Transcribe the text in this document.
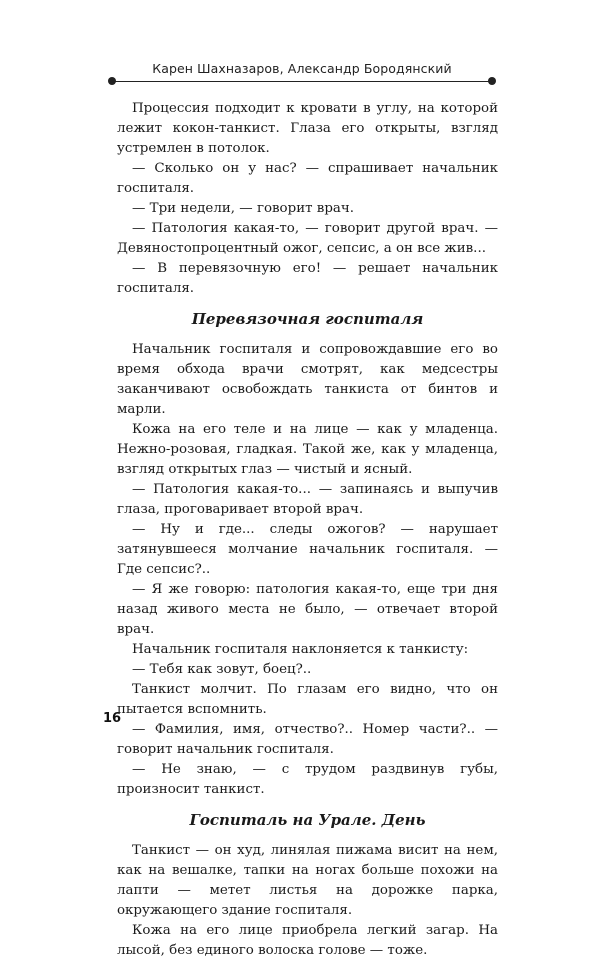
Карен Шахназаров, Александр Бородянский

Процессия подходит к кровати в углу, на которой лежит кокон-танкист. Глаза его открыты, взгляд устремлен в потолок.

— Сколько он у нас? — спрашивает начальник госпиталя.

— Три недели, — говорит врач.

— Патология какая-то, — говорит другой врач. — Девяностопроцентный ожог, сепсис, а он все жив...

— В перевязочную его! — решает начальник госпиталя.

Перевязочная госпиталя

Начальник госпиталя и сопровождавшие его во время обхода врачи смотрят, как медсестры заканчивают освобождать танкиста от бинтов и марли.

Кожа на его теле и на лице — как у младенца. Нежно-розовая, гладкая. Такой же, как у младенца, взгляд открытых глаз — чистый и ясный.

— Патология какая-то... — запинаясь и выпучив глаза, проговаривает второй врач.

— Ну и где... следы ожогов? — нарушает затянувшееся молчание начальник госпиталя. — Где сепсис?..

— Я же говорю: патология какая-то, еще три дня назад живого места не было, — отвечает второй врач.

Начальник госпиталя наклоняется к танкисту:

— Тебя как зовут, боец?..

Танкист молчит. По глазам его видно, что он пытается вспомнить.

— Фамилия, имя, отчество?.. Номер части?.. — говорит начальник госпиталя.

— Не знаю, — с трудом раздвинув губы, произносит танкист.

Госпиталь на Урале. День

Танкист — он худ, линялая пижама висит на нем, как на вешалке, тапки на ногах больше похожи на лапти — метет листья на дорожке парка, окружающего здание госпиталя.

Кожа на его лице приобрела легкий загар. На лысой, без единого волоска голове — тоже.

16
